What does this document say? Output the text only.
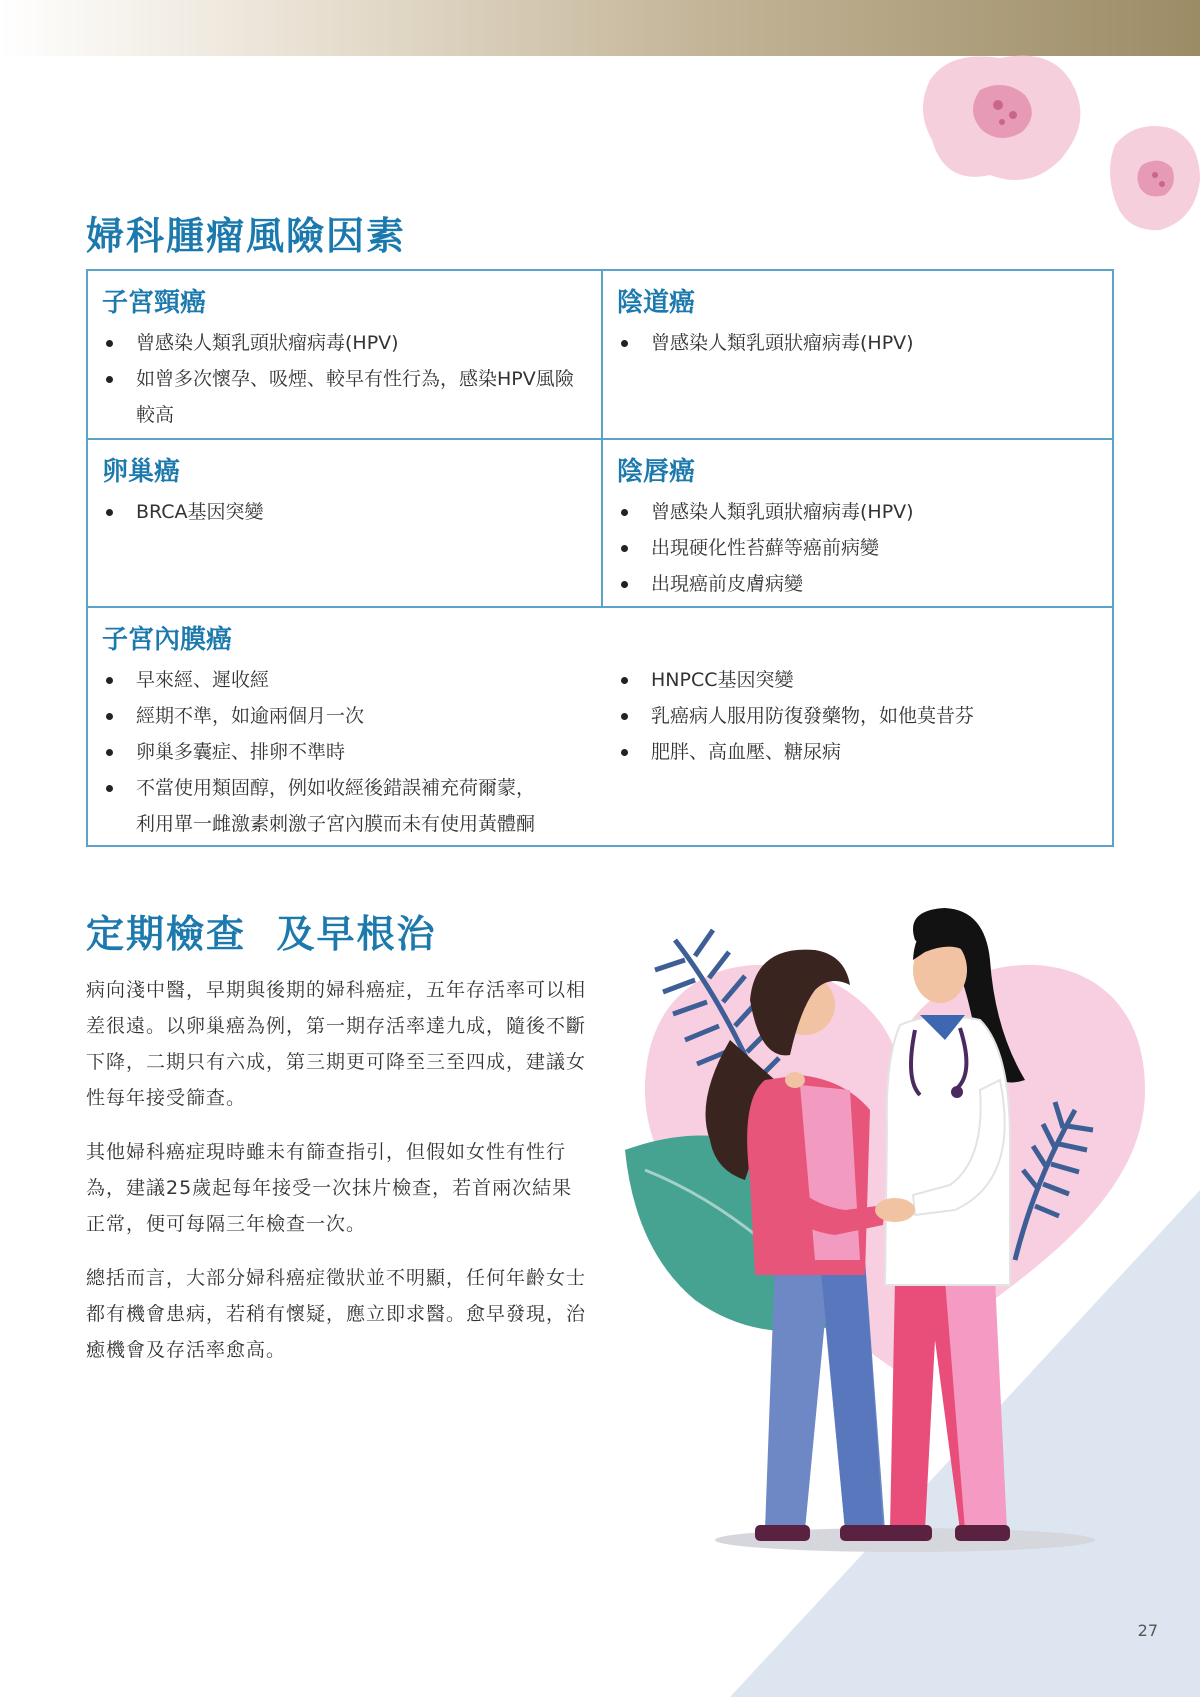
婦科腫瘤風險因素
子宮頸癌
曾感染人類乳頭狀瘤病毒(HPV)
如曾多次懷孕、吸煙、較早有性行為，感染HPV風險
較高
陰道癌
曾感染人類乳頭狀瘤病毒(HPV)
卵巢癌
BRCA基因突變
陰唇癌
曾感染人類乳頭狀瘤病毒(HPV)
出現硬化性苔蘚等癌前病變
出現癌前皮膚病變
子宮內膜癌
早來經、遲收經
經期不準，如逾兩個月一次
卵巢多囊症、排卵不準時
不當使用類固醇，例如收經後錯誤補充荷爾蒙，
利用單一雌激素刺激子宮內膜而未有使用黃體酮
HNPCC基因突變
乳癌病人服用防復發藥物，如他莫昔芬
肥胖、高血壓、糖尿病
定期檢查  及早根治

病向淺中醫，早期與後期的婦科癌症，五年存活率可以相差很遠。以卵巢癌為例，第一期存活率達九成，隨後不斷下降，二期只有六成，第三期更可降至三至四成，建議女性每年接受篩查。

其他婦科癌症現時雖未有篩查指引，但假如女性有性行為，建議25歲起每年接受一次抹片檢查，若首兩次結果正常，便可每隔三年檢查一次。

總括而言，大部分婦科癌症徵狀並不明顯，任何年齡女士都有機會患病，若稍有懷疑，應立即求醫。愈早發現，治癒機會及存活率愈高。

27
